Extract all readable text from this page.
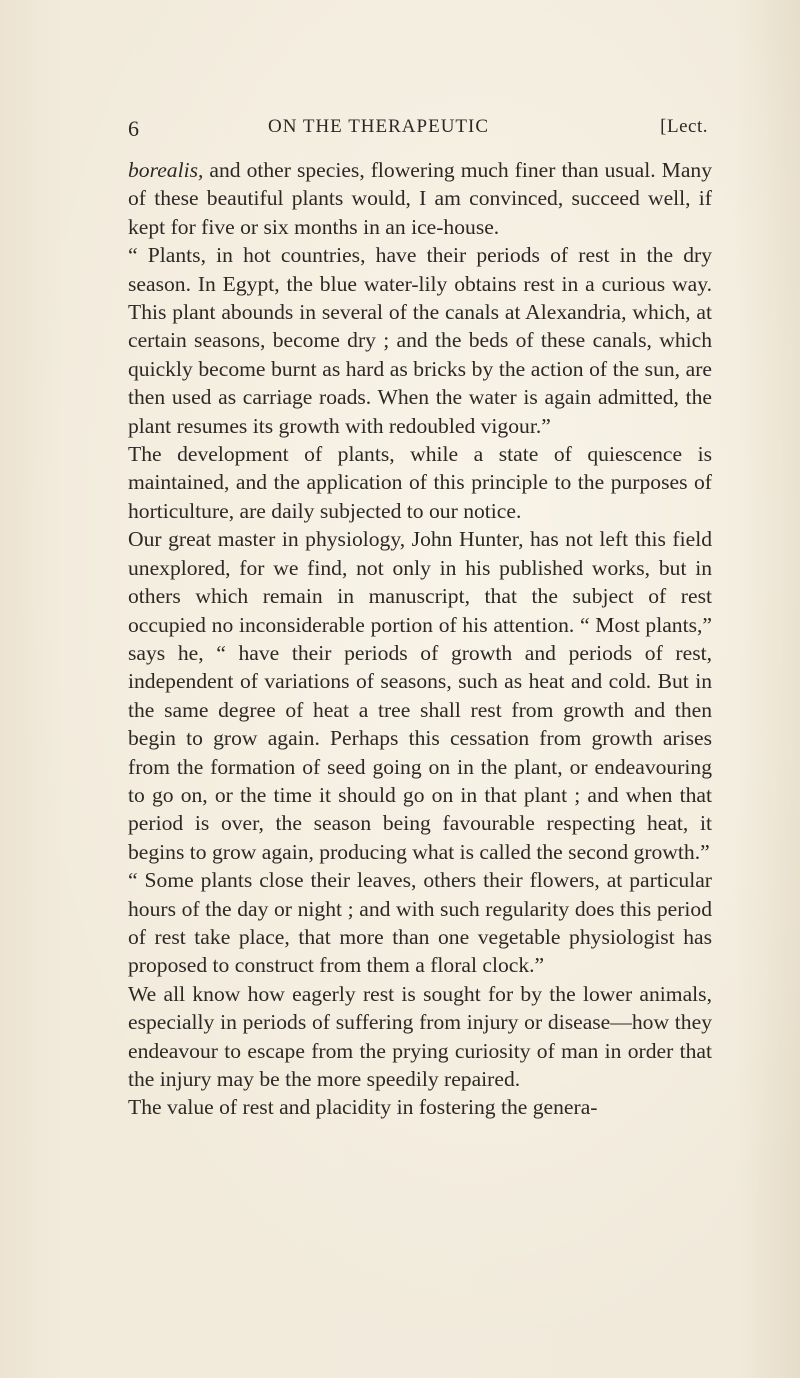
6	ON THE THERAPEUTIC	[Lect.

borealis, and other species, flowering much finer than usual. Many of these beautiful plants would, I am convinced, succeed well, if kept for five or six months in an ice-house.

“ Plants, in hot countries, have their periods of rest in the dry season. In Egypt, the blue water-lily obtains rest in a curious way. This plant abounds in several of the canals at Alexandria, which, at certain seasons, become dry ; and the beds of these canals, which quickly become burnt as hard as bricks by the action of the sun, are then used as carriage roads. When the water is again admitted, the plant resumes its growth with redoubled vigour.”

The development of plants, while a state of quiescence is maintained, and the application of this principle to the purposes of horticulture, are daily subjected to our notice.

Our great master in physiology, John Hunter, has not left this field unexplored, for we find, not only in his published works, but in others which remain in manuscript, that the subject of rest occupied no inconsiderable portion of his attention. “ Most plants,” says he, “ have their periods of growth and periods of rest, independent of variations of seasons, such as heat and cold. But in the same degree of heat a tree shall rest from growth and then begin to grow again. Perhaps this cessation from growth arises from the formation of seed going on in the plant, or endeavouring to go on, or the time it should go on in that plant ; and when that period is over, the season being favourable respecting heat, it begins to grow again, producing what is called the second growth.”

“ Some plants close their leaves, others their flowers, at particular hours of the day or night ; and with such regularity does this period of rest take place, that more than one vegetable physiologist has proposed to construct from them a floral clock.”

We all know how eagerly rest is sought for by the lower animals, especially in periods of suffering from injury or disease—how they endeavour to escape from the prying curiosity of man in order that the injury may be the more speedily repaired.

The value of rest and placidity in fostering the genera-
